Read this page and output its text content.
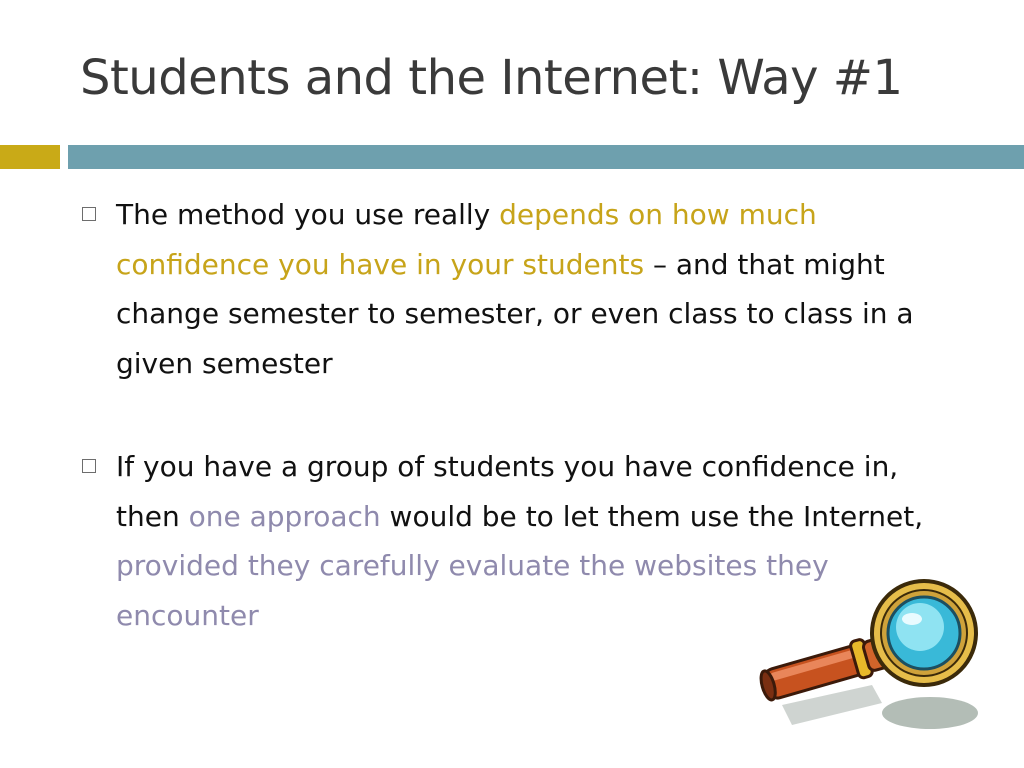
Students and the Internet: Way #1
The method you use really depends on how much confidence you have in your students – and that might change semester to semester, or even class to class in a given semester
If you have a group of students you have confidence in, then one approach would be to let them use the Internet, provided they carefully evaluate the websites they encounter
